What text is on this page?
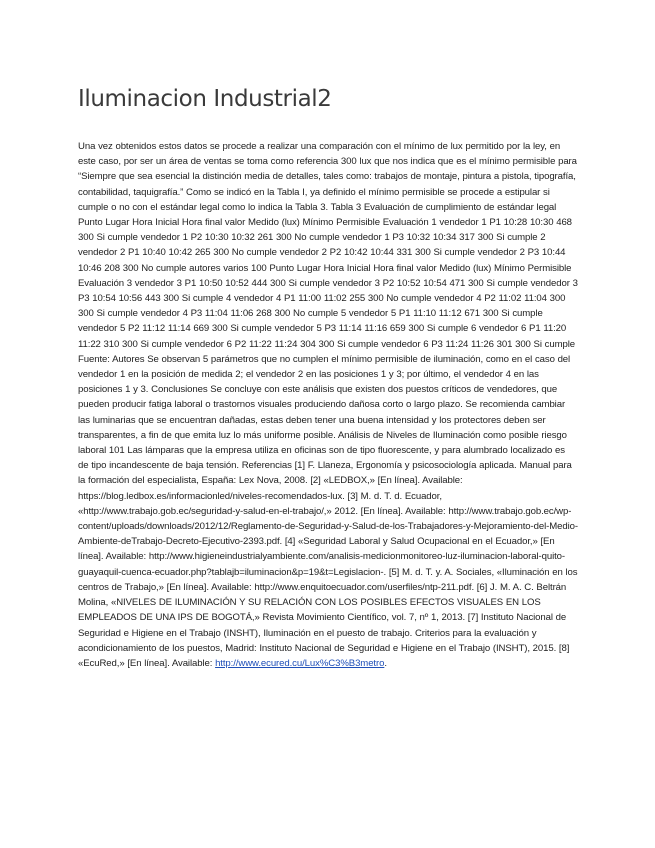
Iluminacion Industrial2

Una vez obtenidos estos datos se procede a realizar una comparación con el mínimo de lux permitido por la ley, en este caso, por ser un área de ventas se toma como referencia 300 lux que nos indica que es el mínimo permisible para “Siempre que sea esencial la distinción media de detalles, tales como: trabajos de montaje, pintura a pistola, tipografía, contabilidad, taquigrafía.” Como se indicó en la Tabla I, ya definido el mínimo permisible se procede a estipular si cumple o no con el estándar legal como lo indica la Tabla 3. Tabla 3 Evaluación de cumplimiento de estándar legal Punto Lugar Hora Inicial Hora final valor Medido (lux) Mínimo Permisible Evaluación 1 vendedor 1 P1 10:28 10:30 468 300 Si cumple vendedor 1 P2 10:30 10:32 261 300 No cumple vendedor 1 P3 10:32 10:34 317 300 Si cumple 2 vendedor 2 P1 10:40 10:42 265 300 No cumple vendedor 2 P2 10:42 10:44 331 300 Si cumple vendedor 2 P3 10:44 10:46 208 300 No cumple autores varios 100 Punto Lugar Hora Inicial Hora final valor Medido (lux) Mínimo Permisible Evaluación 3 vendedor 3 P1 10:50 10:52 444 300 Si cumple vendedor 3 P2 10:52 10:54 471 300 Si cumple vendedor 3 P3 10:54 10:56 443 300 Si cumple 4 vendedor 4 P1 11:00 11:02 255 300 No cumple vendedor 4 P2 11:02 11:04 300 300 Si cumple vendedor 4 P3 11:04 11:06 268 300 No cumple 5 vendedor 5 P1 11:10 11:12 671 300 Si cumple vendedor 5 P2 11:12 11:14 669 300 Si cumple vendedor 5 P3 11:14 11:16 659 300 Si cumple 6 vendedor 6 P1 11:20 11:22 310 300 Si cumple vendedor 6 P2 11:22 11:24 304 300 Si cumple vendedor 6 P3 11:24 11:26 301 300 Si cumple Fuente: Autores Se observan 5 parámetros que no cumplen el mínimo permisible de iluminación, como en el caso del vendedor 1 en la posición de medida 2; el vendedor 2 en las posiciones 1 y 3; por último, el vendedor 4 en las posiciones 1 y 3. Conclusiones Se concluye con este análisis que existen dos puestos críticos de vendedores, que pueden producir fatiga laboral o trastornos visuales produciendo dañosa corto o largo plazo. Se recomienda cambiar las luminarias que se encuentran dañadas, estas deben tener una buena intensidad y los protectores deben ser transparentes, a fin de que emita luz lo más uniforme posible. Análisis de Niveles de Iluminación como posible riesgo laboral 101 Las lámparas que la empresa utiliza en oficinas son de tipo fluorescente, y para alumbrado localizado es de tipo incandescente de baja tensión. Referencias [1] F. Llaneza, Ergonomía y psicosociología aplicada. Manual para la formación del especialista, España: Lex Nova, 2008. [2] «LEDBOX,» [En línea]. Available: https://blog.ledbox.es/informacionled/niveles-recomendados-lux. [3] M. d. T. d. Ecuador, «http://www.trabajo.gob.ec/seguridad-y-salud-en-el-trabajo/,» 2012. [En línea]. Available: http://www.trabajo.gob.ec/wp-content/uploads/downloads/2012/12/Reglamento-de-Seguridad-y-Salud-de-los-Trabajadores-y-Mejoramiento-del-Medio-Ambiente-deTrabajo-Decreto-Ejecutivo-2393.pdf. [4] «Seguridad Laboral y Salud Ocupacional en el Ecuador,» [En línea]. Available: http://www.higieneindustrialyambiente.com/analisis-medicionmonitoreo-luz-iluminacion-laboral-quito-guayaquil-cuenca-ecuador.php?tablajb=iluminacion&p=19&t=Legislacion-. [5] M. d. T. y. A. Sociales, «Iluminación en los centros de Trabajo,» [En línea]. Available: http://www.enquitoecuador.com/userfiles/ntp-211.pdf. [6] J. M. A. C. Beltrán Molina, «NIVELES DE ILUMINACIÓN Y SU RELACIÓN CON LOS POSIBLES EFECTOS VISUALES EN LOS EMPLEADOS DE UNA IPS DE BOGOTÁ,» Revista Movimiento Científico, vol. 7, nº 1, 2013. [7] Instituto Nacional de Seguridad e Higiene en el Trabajo (INSHT), Iluminación en el puesto de trabajo. Criterios para la evaluación y acondicionamiento de los puestos, Madrid: Instituto Nacional de Seguridad e Higiene en el Trabajo (INSHT), 2015. [8] «EcuRed,» [En línea]. Available: http://www.ecured.cu/Lux%C3%B3metro.
